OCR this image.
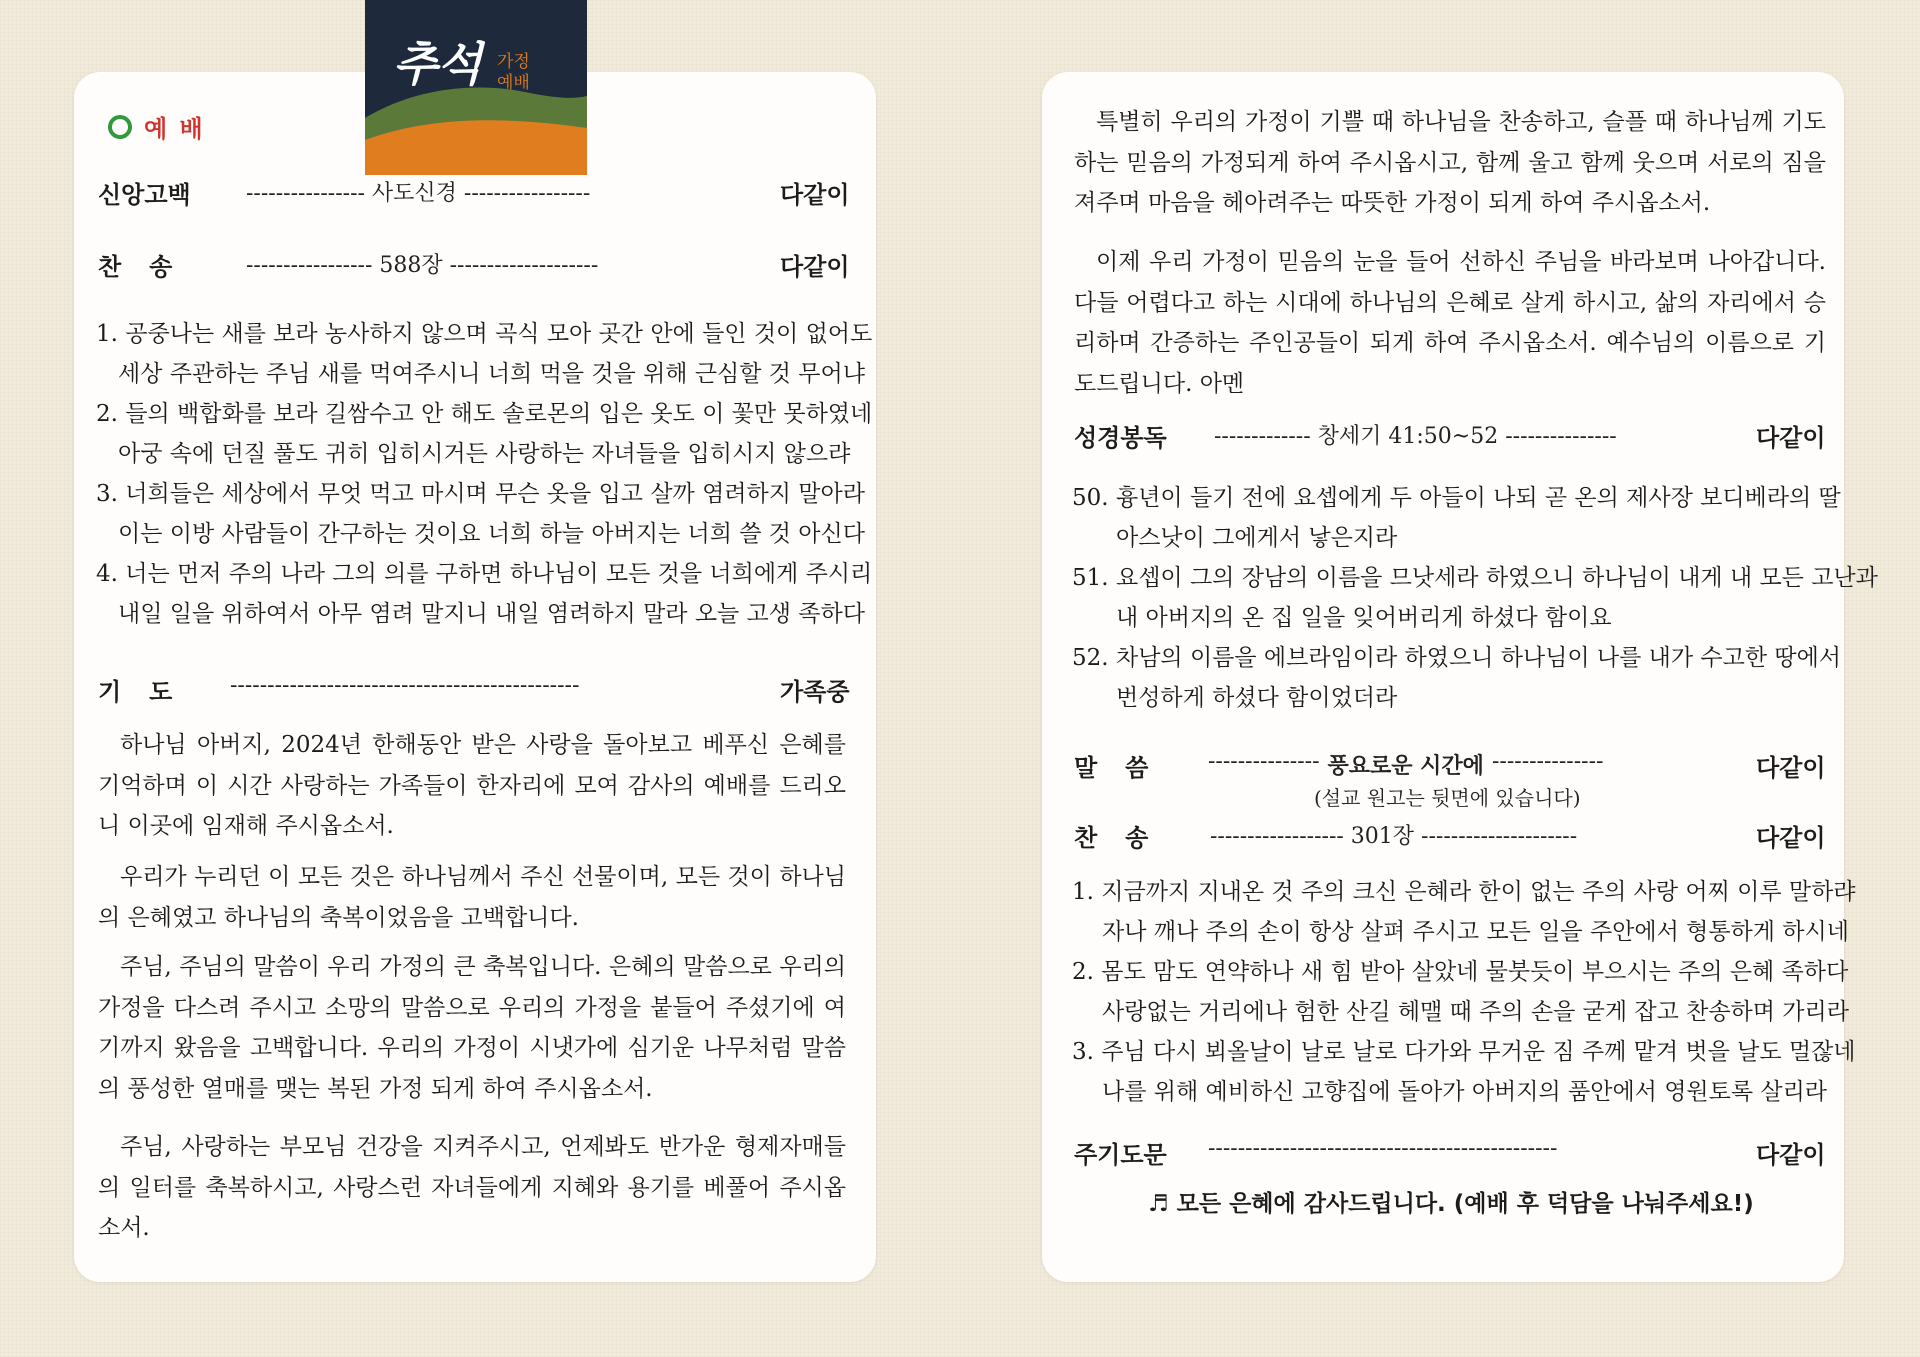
추석 가정
예배
예 배
신앙고백	---------------- 사도신경 -----------------	다같이
찬　송	----------------- 588장 --------------------	다같이
1. 공중나는 새를 보라 농사하지 않으며 곡식 모아 곳간 안에 들인 것이 없어도
세상 주관하는 주님 새를 먹여주시니 너희 먹을 것을 위해 근심할 것 무어냐
2. 들의 백합화를 보라 길쌈수고 안 해도 솔로몬의 입은 옷도 이 꽃만 못하였네
아궁 속에 던질 풀도 귀히 입히시거든 사랑하는 자녀들을 입히시지 않으랴
3. 너희들은 세상에서 무엇 먹고 마시며 무슨 옷을 입고 살까 염려하지 말아라
이는 이방 사람들이 간구하는 것이요 너희 하늘 아버지는 너희 쓸 것 아신다
4. 너는 먼저 주의 나라 그의 의를 구하면 하나님이 모든 것을 너희에게 주시리
내일 일을 위하여서 아무 염려 말지니 내일 염려하지 말라 오늘 고생 족하다
기　도	-----------------------------------------------	가족중
하나님 아버지, 2024년 한해동안 받은 사랑을 돌아보고 베푸신 은혜를 기억하며 이 시간 사랑하는 가족들이 한자리에 모여 감사의 예배를 드리오니 이곳에 임재해 주시옵소서.
우리가 누리던 이 모든 것은 하나님께서 주신 선물이며, 모든 것이 하나님의 은혜였고 하나님의 축복이었음을 고백합니다.
주님, 주님의 말씀이 우리 가정의 큰 축복입니다. 은혜의 말씀으로 우리의 가정을 다스려 주시고 소망의 말씀으로 우리의 가정을 붙들어 주셨기에 여기까지 왔음을 고백합니다. 우리의 가정이 시냇가에 심기운 나무처럼 말씀의 풍성한 열매를 맺는 복된 가정 되게 하여 주시옵소서.
주님, 사랑하는 부모님 건강을 지켜주시고, 언제봐도 반가운 형제자매들의 일터를 축복하시고, 사랑스런 자녀들에게 지혜와 용기를 베풀어 주시옵소서.
특별히 우리의 가정이 기쁠 때 하나님을 찬송하고, 슬플 때 하나님께 기도하는 믿음의 가정되게 하여 주시옵시고, 함께 울고 함께 웃으며 서로의 짐을 져주며 마음을 헤아려주는 따뜻한 가정이 되게 하여 주시옵소서.
이제 우리 가정이 믿음의 눈을 들어 선하신 주님을 바라보며 나아갑니다. 다들 어렵다고 하는 시대에 하나님의 은혜로 살게 하시고, 삶의 자리에서 승리하며 간증하는 주인공들이 되게 하여 주시옵소서. 예수님의 이름으로 기도드립니다. 아멘
성경봉독 ------------- 창세기 41:50~52 ---------------	다같이
50. 흉년이 들기 전에 요셉에게 두 아들이 나되 곧 온의 제사장 보디베라의 딸
아스낫이 그에게서 낳은지라
51. 요셉이 그의 장남의 이름을 므낫세라 하였으니 하나님이 내게 내 모든 고난과
내 아버지의 온 집 일을 잊어버리게 하셨다 함이요
52. 차남의 이름을 에브라임이라 하였으니 하나님이 나를 내가 수고한 땅에서
번성하게 하셨다 함이었더라
말　씀	--------------- 풍요로운 시간에 ---------------	다같이
(설교 원고는 뒷면에 있습니다)
찬　송	------------------ 301장 ---------------------	다같이
1. 지금까지 지내온 것 주의 크신 은혜라 한이 없는 주의 사랑 어찌 이루 말하랴
자나 깨나 주의 손이 항상 살펴 주시고 모든 일을 주안에서 형통하게 하시네
2. 몸도 맘도 연약하나 새 힘 받아 살았네 물붓듯이 부으시는 주의 은혜 족하다
사랑없는 거리에나 험한 산길 헤맬 때 주의 손을 굳게 잡고 찬송하며 가리라
3. 주님 다시 뵈올날이 날로 날로 다가와 무거운 짐 주께 맡겨 벗을 날도 멀잖네
나를 위해 예비하신 고향집에 돌아가 아버지의 품안에서 영원토록 살리라
주기도문 -----------------------------------------------	다같이
♬ 모든 은혜에 감사드립니다. (예배 후 덕담을 나눠주세요!)
